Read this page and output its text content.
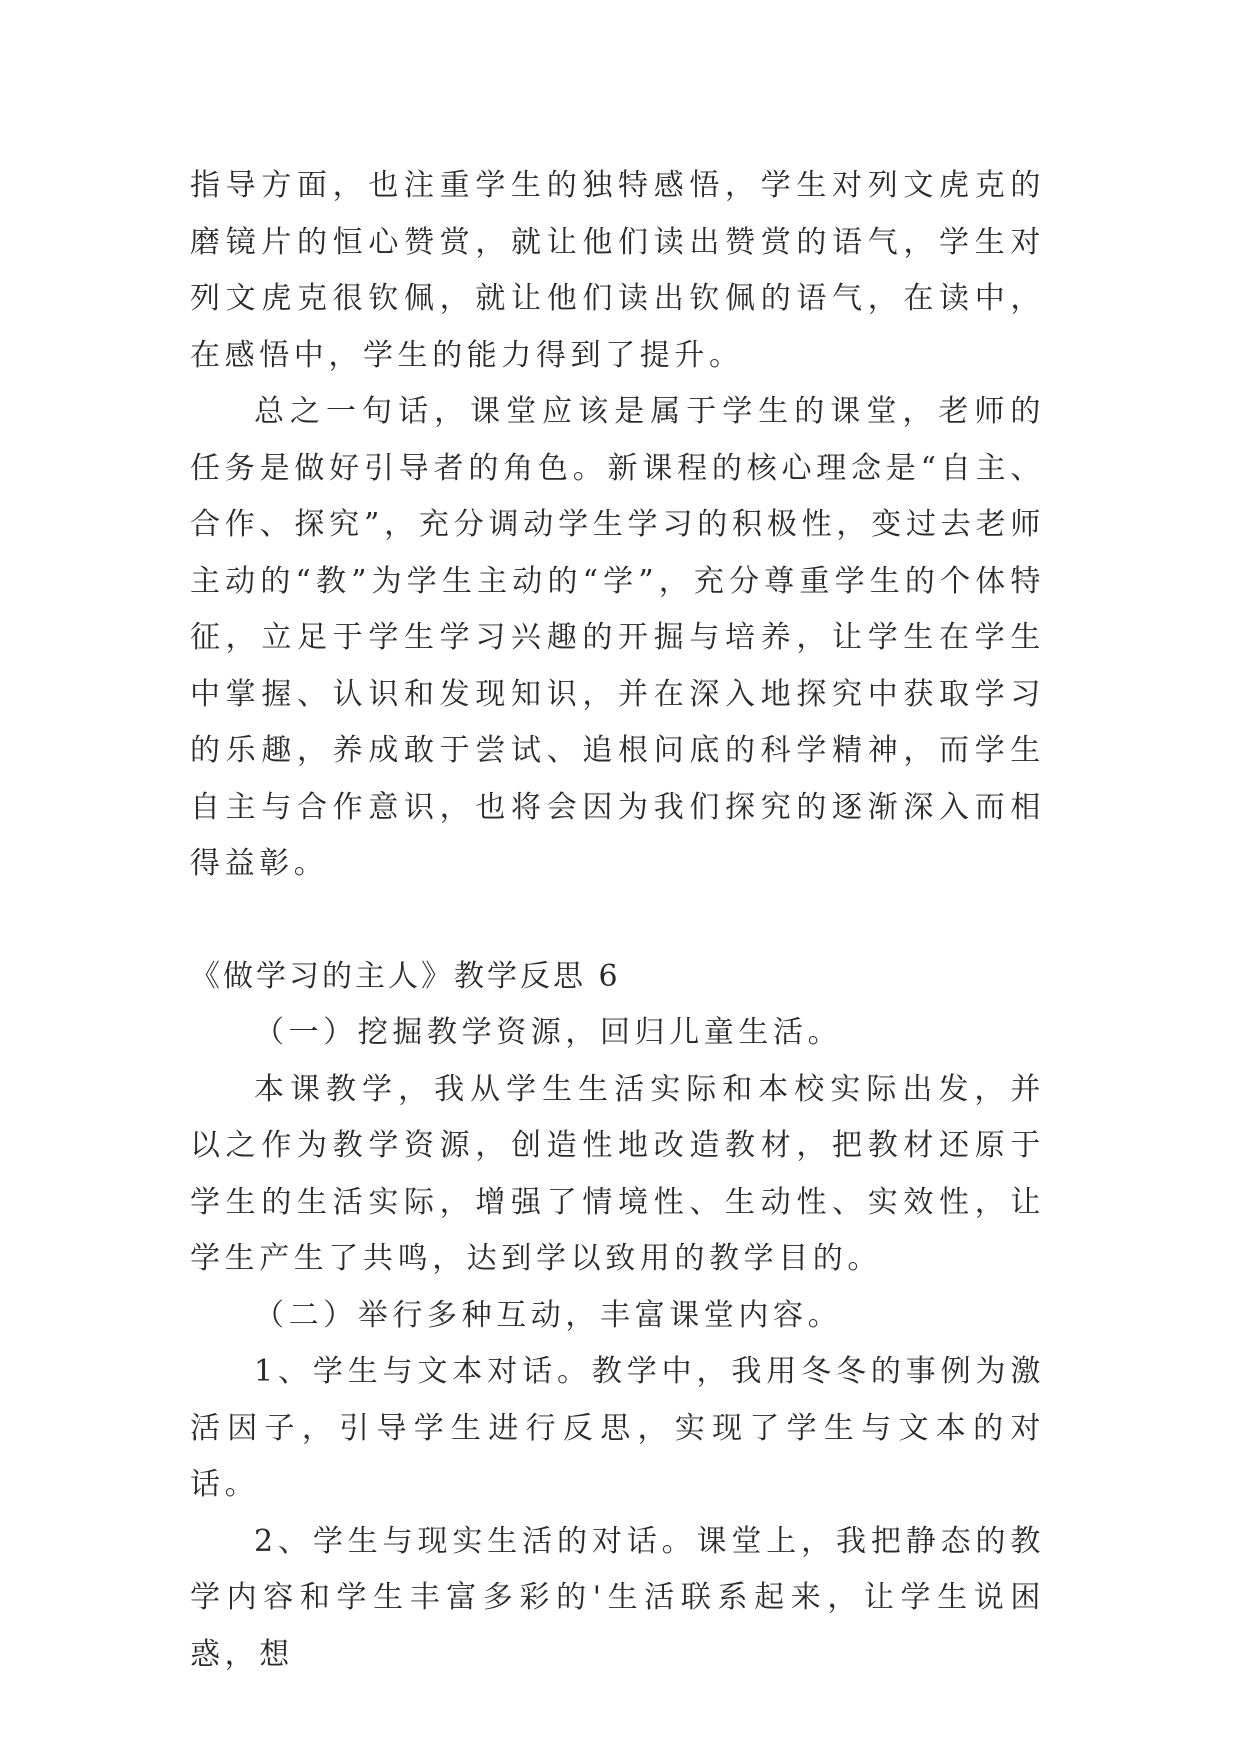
指导方面，也注重学生的独特感悟，学生对列文虎克的磨镜片的恒心赞赏，就让他们读出赞赏的语气，学生对列文虎克很钦佩，就让他们读出钦佩的语气，在读中，在感悟中，学生的能力得到了提升。

总之一句话，课堂应该是属于学生的课堂，老师的任务是做好引导者的角色。新课程的核心理念是“自主、合作、探究”，充分调动学生学习的积极性，变过去老师主动的“教”为学生主动的“学”，充分尊重学生的个体特征，立足于学生学习兴趣的开掘与培养，让学生在学生中掌握、认识和发现知识，并在深入地探究中获取学习的乐趣，养成敢于尝试、追根问底的科学精神，而学生自主与合作意识，也将会因为我们探究的逐渐深入而相得益彰。

《做学习的主人》教学反思 6

（一）挖掘教学资源，回归儿童生活。

本课教学，我从学生生活实际和本校实际出发，并以之作为教学资源，创造性地改造教材，把教材还原于学生的生活实际，增强了情境性、生动性、实效性，让学生产生了共鸣，达到学以致用的教学目的。

（二）举行多种互动，丰富课堂内容。

1、学生与文本对话。教学中，我用冬冬的事例为激活因子，引导学生进行反思，实现了学生与文本的对话。

2、学生与现实生活的对话。课堂上，我把静态的教学内容和学生丰富多彩的'生活联系起来，让学生说困惑，想
